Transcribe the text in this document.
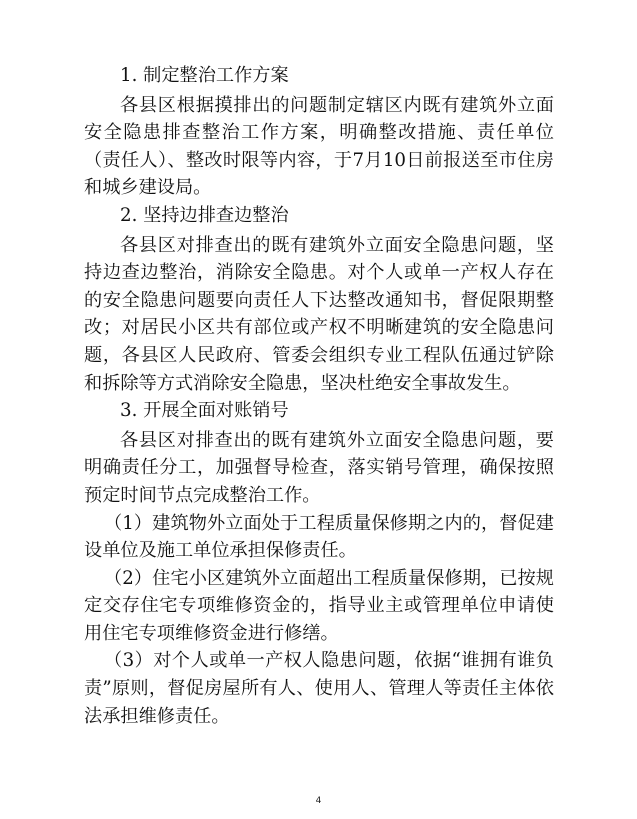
1. 制定整治工作方案

各县区根据摸排出的问题制定辖区内既有建筑外立面安全隐患排查整治工作方案，明确整改措施、责任单位（责任人）、整改时限等内容，于7月10日前报送至市住房和城乡建设局。

2. 坚持边排查边整治

各县区对排查出的既有建筑外立面安全隐患问题，坚持边查边整治，消除安全隐患。对个人或单一产权人存在的安全隐患问题要向责任人下达整改通知书，督促限期整改；对居民小区共有部位或产权不明晰建筑的安全隐患问题，各县区人民政府、管委会组织专业工程队伍通过铲除和拆除等方式消除安全隐患，坚决杜绝安全事故发生。

3. 开展全面对账销号

各县区对排查出的既有建筑外立面安全隐患问题，要明确责任分工，加强督导检查，落实销号管理，确保按照预定时间节点完成整治工作。

（1）建筑物外立面处于工程质量保修期之内的，督促建设单位及施工单位承担保修责任。

（2）住宅小区建筑外立面超出工程质量保修期，已按规定交存住宅专项维修资金的，指导业主或管理单位申请使用住宅专项维修资金进行修缮。

（3）对个人或单一产权人隐患问题，依据“谁拥有谁负责”原则，督促房屋所有人、使用人、管理人等责任主体依法承担维修责任。

4
